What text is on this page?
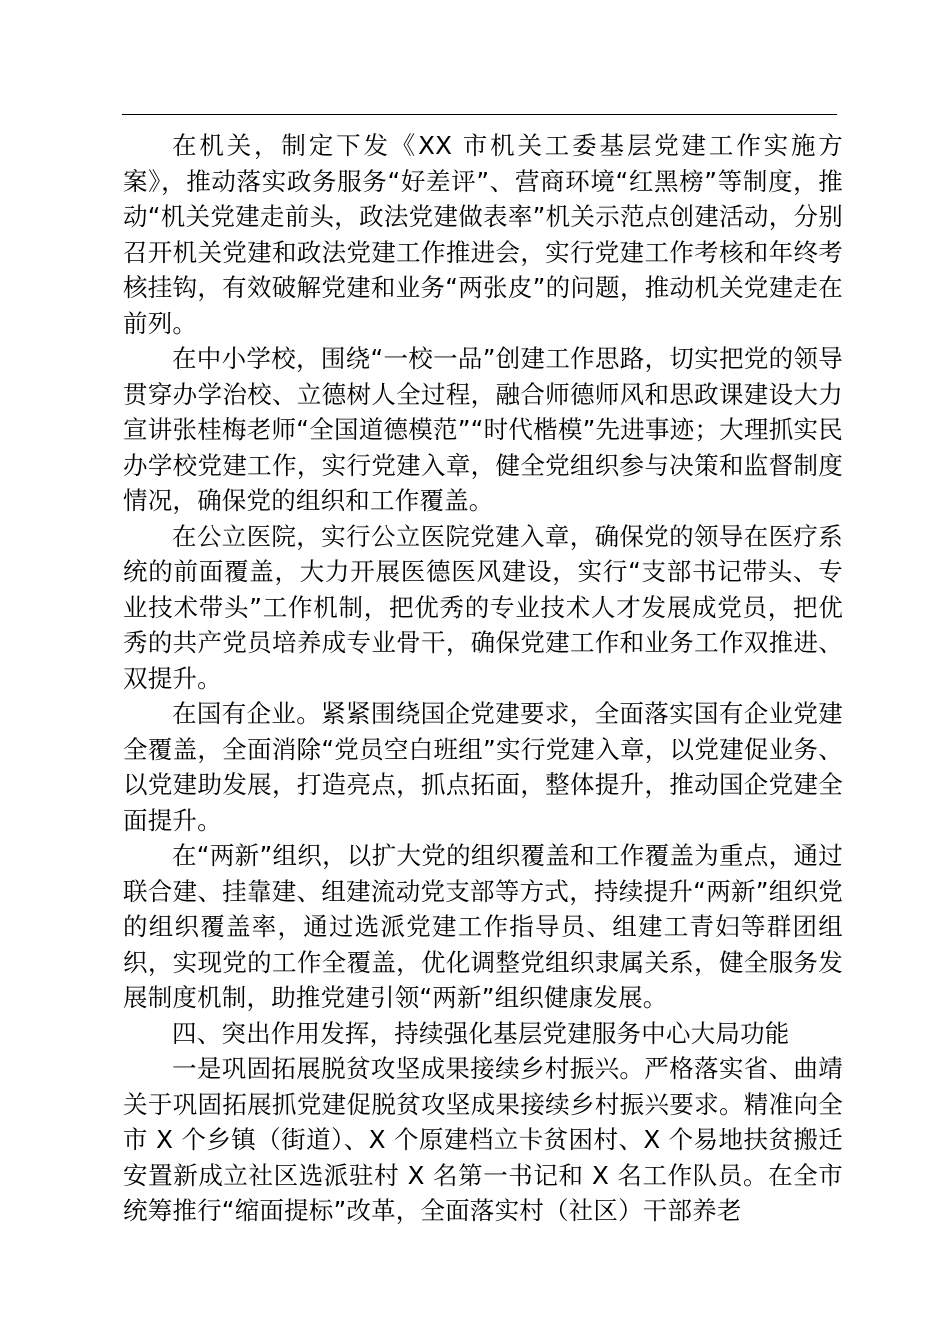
在机关，制定下发《XX 市机关工委基层党建工作实施方案》，推动落实政务服务“好差评”、营商环境“红黑榜”等制度，推动“机关党建走前头，政法党建做表率”机关示范点创建活动，分别召开机关党建和政法党建工作推进会，实行党建工作考核和年终考核挂钩，有效破解党建和业务“两张皮”的问题，推动机关党建走在前列。

在中小学校，围绕“一校一品”创建工作思路，切实把党的领导贯穿办学治校、立德树人全过程，融合师德师风和思政课建设大力宣讲张桂梅老师“全国道德模范”“时代楷模”先进事迹；大理抓实民办学校党建工作，实行党建入章，健全党组织参与决策和监督制度情况，确保党的组织和工作覆盖。

在公立医院，实行公立医院党建入章，确保党的领导在医疗系统的前面覆盖，大力开展医德医风建设，实行“支部书记带头、专业技术带头”工作机制，把优秀的专业技术人才发展成党员，把优秀的共产党员培养成专业骨干，确保党建工作和业务工作双推进、双提升。

在国有企业。紧紧围绕国企党建要求，全面落实国有企业党建全覆盖，全面消除“党员空白班组”实行党建入章，以党建促业务、以党建助发展，打造亮点，抓点拓面，整体提升，推动国企党建全面提升。

在“两新”组织，以扩大党的组织覆盖和工作覆盖为重点，通过联合建、挂靠建、组建流动党支部等方式，持续提升“两新”组织党的组织覆盖率，通过选派党建工作指导员、组建工青妇等群团组织，实现党的工作全覆盖，优化调整党组织隶属关系，健全服务发展制度机制，助推党建引领“两新”组织健康发展。

四、突出作用发挥，持续强化基层党建服务中心大局功能

一是巩固拓展脱贫攻坚成果接续乡村振兴。严格落实省、曲靖关于巩固拓展抓党建促脱贫攻坚成果接续乡村振兴要求。精准向全市 X 个乡镇（街道）、X 个原建档立卡贫困村、X 个易地扶贫搬迁安置新成立社区选派驻村 X 名第一书记和 X 名工作队员。在全市统筹推行“缩面提标”改革，全面落实村（社区）干部养老
